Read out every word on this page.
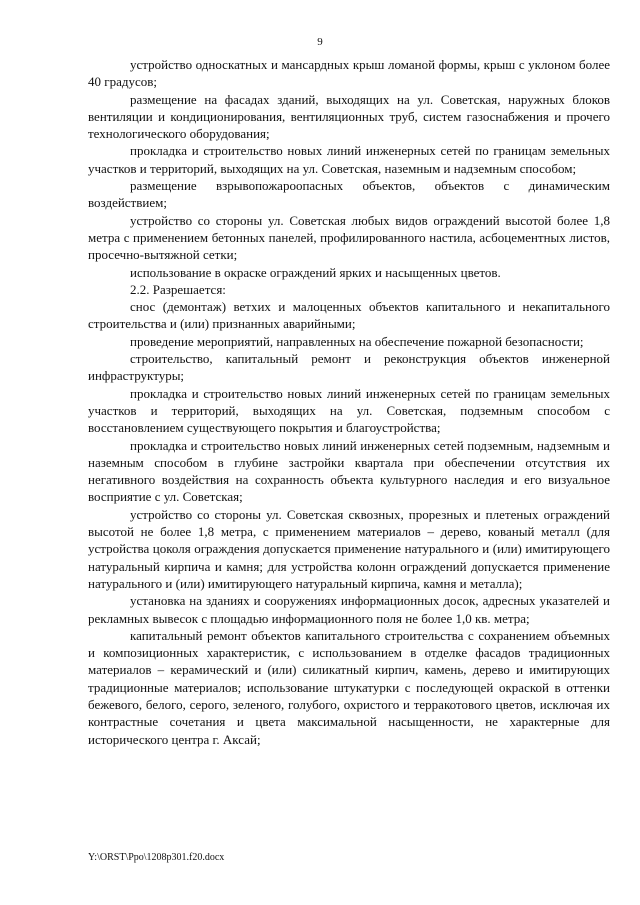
9

устройство односкатных и мансардных крыш ломаной формы, крыш с уклоном более 40 градусов;

размещение на фасадах зданий, выходящих на ул. Советская, наружных блоков вентиляции и кондиционирования, вентиляционных труб, систем газоснабжения и прочего технологического оборудования;

прокладка и строительство новых линий инженерных сетей по границам земельных участков и территорий, выходящих на ул. Советская, наземным и надземным способом;

размещение взрывопожароопасных объектов, объектов с динамическим воздействием;

устройство со стороны ул. Советская любых видов ограждений высотой более 1,8 метра с применением бетонных панелей, профилированного настила, асбоцементных листов, просечно-вытяжной сетки;

использование в окраске ограждений ярких и насыщенных цветов.

2.2. Разрешается:

снос (демонтаж) ветхих и малоценных объектов капитального и некапитального строительства и (или) признанных аварийными;

проведение мероприятий, направленных на обеспечение пожарной безопасности;

строительство, капитальный ремонт и реконструкция объектов инженерной инфраструктуры;

прокладка и строительство новых линий инженерных сетей по границам земельных участков и территорий, выходящих на ул. Советская, подземным способом с восстановлением существующего покрытия и благоустройства;

прокладка и строительство новых линий инженерных сетей подземным, надземным и наземным способом в глубине застройки квартала при обеспечении отсутствия их негативного воздействия на сохранность объекта культурного наследия и его визуальное восприятие с ул. Советская;

устройство со стороны ул. Советская сквозных, прорезных и плетеных ограждений высотой не более 1,8 метра, с применением материалов – дерево, кованый металл (для устройства цоколя ограждения допускается применение натурального и (или) имитирующего натуральный кирпича и камня; для устройства колонн ограждений допускается применение натурального и (или) имитирующего натуральный кирпича, камня и металла);

установка на зданиях и сооружениях информационных досок, адресных указателей и рекламных вывесок с площадью информационного поля не более 1,0 кв. метра;

капитальный ремонт объектов капитального строительства с сохранением объемных и композиционных характеристик, с использованием в отделке фасадов традиционных материалов – керамический и (или) силикатный кирпич, камень, дерево и имитирующих традиционные материалов; использование штукатурки с последующей окраской в оттенки бежевого, белого, серого, зеленого, голубого, охристого и терракотового цветов, исключая их контрастные сочетания и цвета максимальной насыщенности, не характерные для исторического центра г. Аксай;

Y:\ORST\Ppo\1208p301.f20.docx
